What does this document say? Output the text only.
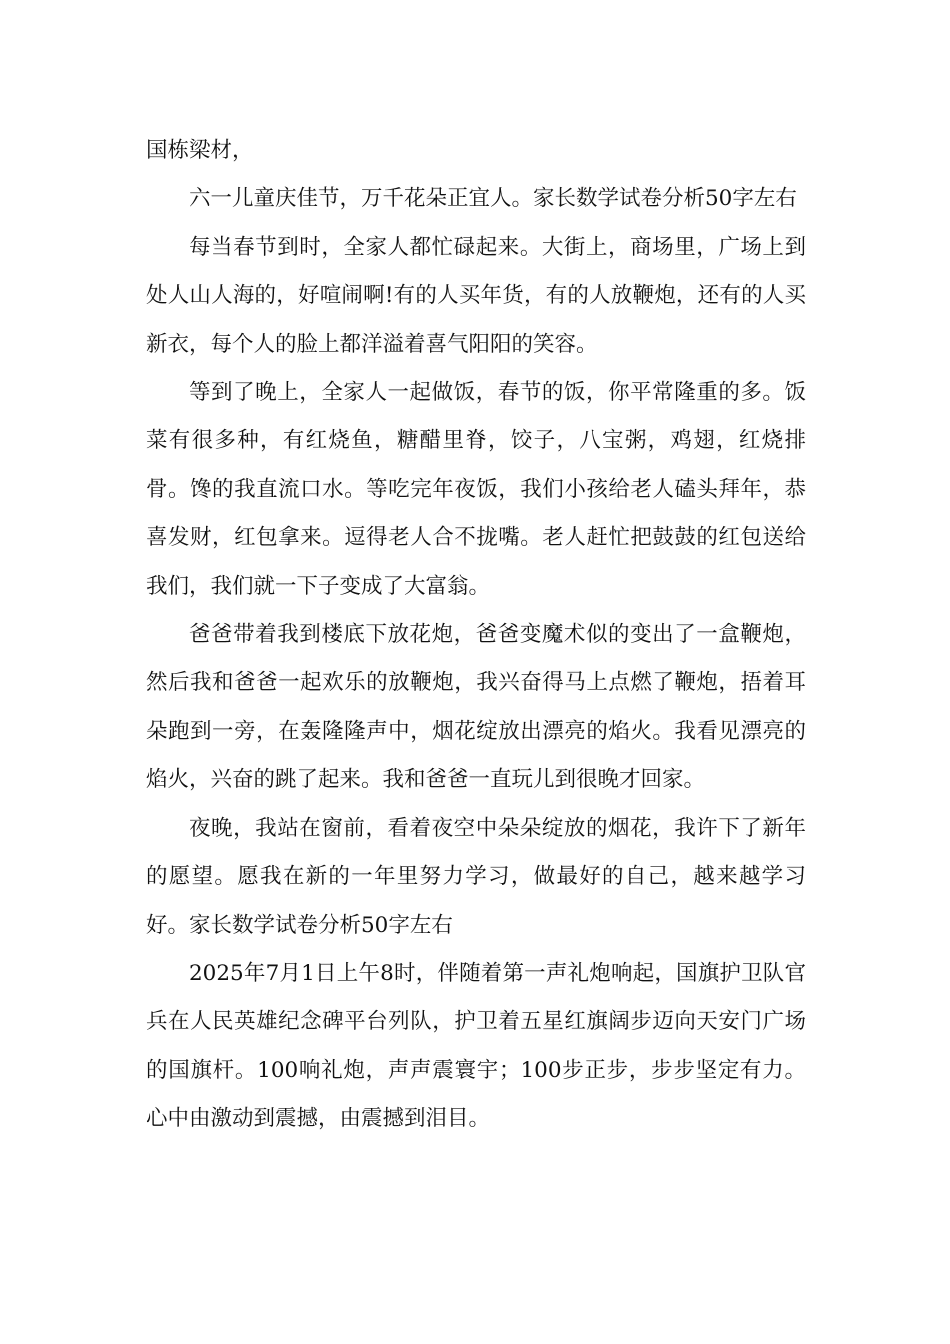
国栋梁材，

六一儿童庆佳节，万千花朵正宜人。家长数学试卷分析50字左右

每当春节到时，全家人都忙碌起来。大街上，商场里，广场上到处人山人海的，好喧闹啊!有的人买年货，有的人放鞭炮，还有的人买新衣，每个人的脸上都洋溢着喜气阳阳的笑容。

等到了晚上，全家人一起做饭，春节的饭，你平常隆重的多。饭菜有很多种，有红烧鱼，糖醋里脊，饺子，八宝粥，鸡翅，红烧排骨。馋的我直流口水。等吃完年夜饭，我们小孩给老人磕头拜年，恭喜发财，红包拿来。逗得老人合不拢嘴。老人赶忙把鼓鼓的红包送给我们，我们就一下子变成了大富翁。

爸爸带着我到楼底下放花炮，爸爸变魔术似的变出了一盒鞭炮，然后我和爸爸一起欢乐的放鞭炮，我兴奋得马上点燃了鞭炮，捂着耳朵跑到一旁，在轰隆隆声中，烟花绽放出漂亮的焰火。我看见漂亮的焰火，兴奋的跳了起来。我和爸爸一直玩儿到很晚才回家。

夜晚，我站在窗前，看着夜空中朵朵绽放的烟花，我许下了新年的愿望。愿我在新的一年里努力学习，做最好的自己，越来越学习好。家长数学试卷分析50字左右

2025年7月1日上午8时，伴随着第一声礼炮响起，国旗护卫队官兵在人民英雄纪念碑平台列队，护卫着五星红旗阔步迈向天安门广场的国旗杆。100响礼炮，声声震寰宇；100步正步，步步坚定有力。心中由激动到震撼，由震撼到泪目。
